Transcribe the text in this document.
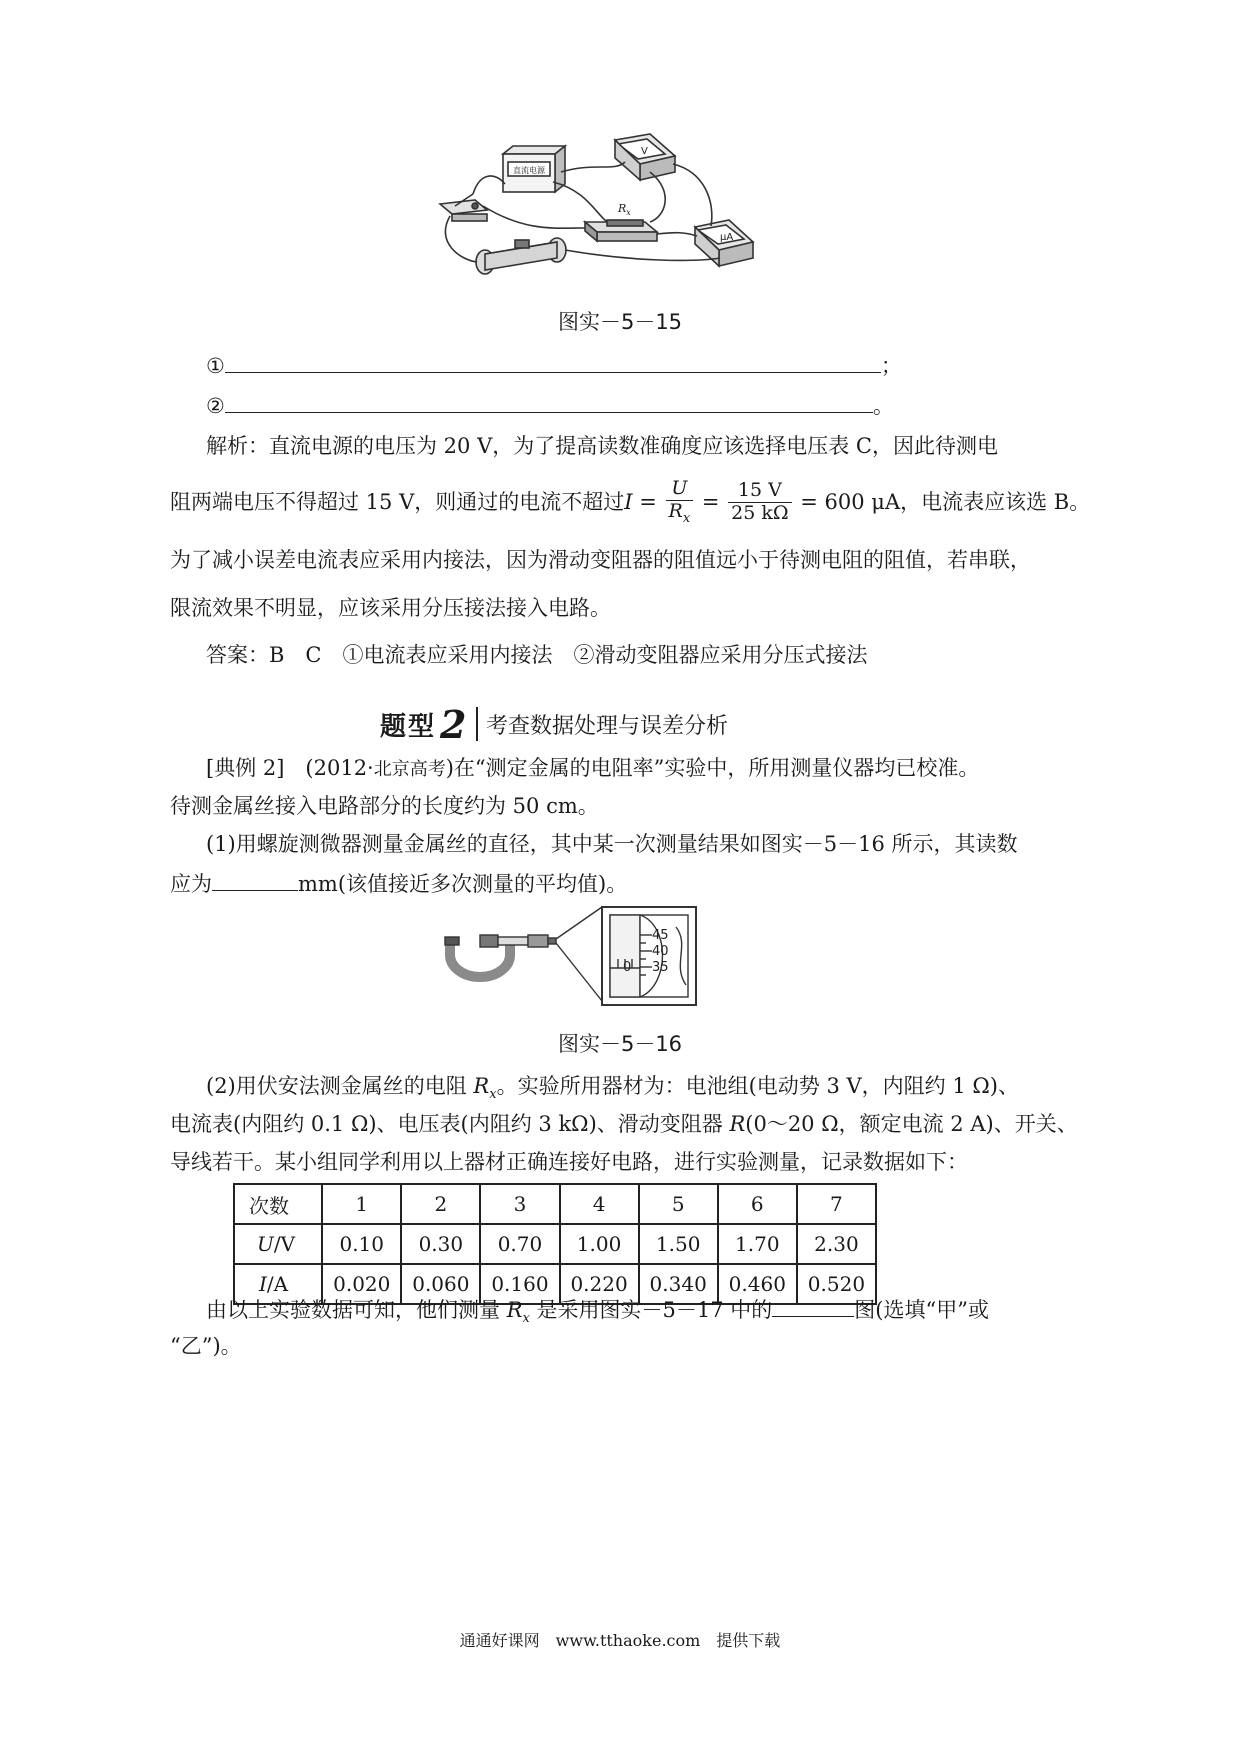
直流电源
$R_x$
V
μA
图实－5－15
①	；
②	。
解析：直流电源的电压为 20 V，为了提高读数准确度应该选择电压表 C，因此待测电
阻两端电压不得超过 15 V，则通过的电流不超过 $I = \frac{U}{R_x} = \frac{15 V}{25 k\Omega} = 600$ μA， 电流表应该选 B。
为了减小误差电流表应采用内接法，因为滑动变阻器的阻值远小于待测电阻的阻值，若串联，
限流效果不明显，应该采用分压接法接入电路。
答案：B　C　①电流表应采用内接法　②滑动变阻器应采用分压式接法
题型 2 考查数据处理与误差分析
[典例 2]　(2012·北京高考)在“测定金属的电阻率”实验中，所用测量仪器均已校准。
待测金属丝接入电路部分的长度约为 50 cm。
(1)用螺旋测微器测量金属丝的直径，其中某一次测量结果如图实－5－16 所示，其读数
应为	mm(该值接近多次测量的平均值)。
45
40
35
0
图实－5－16
(2)用伏安法测金属丝的电阻 $R_x$。实验所用器材为：电池组(电动势 3 V，内阻约 1 Ω)、
电流表(内阻约 0.1 Ω)、电压表(内阻约 3 kΩ)、滑动变阻器 R(0～20 Ω，额定电流 2 A)、开关、
导线若干。某小组同学利用以上器材正确连接好电路，进行实验测量，记录数据如下：
次数	1	2	3	4	5	6	7
U/V	0.10	0.30	0.70	1.00	1.50	1.70	2.30
I/A	0.020	0.060	0.160	0.220	0.340	0.460	0.520
由以上实验数据可知，他们测量 $R_x$ 是采用图实－5－17 中的	图(选填“甲”或
“乙”)。
通通好课网　www.tthaoke.com　提供下载
